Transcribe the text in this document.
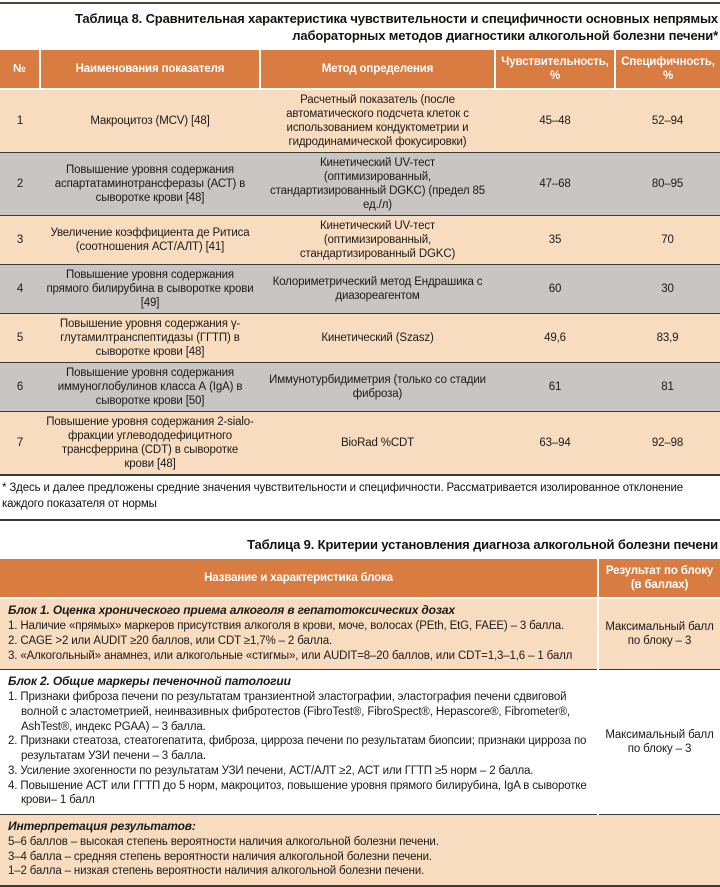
Таблица 8. Сравнительная характеристика чувствительности и специфичности основных непрямых лабораторных методов диагностики алкогольной болезни печени*
№	Наименования показателя	Метод определения	Чувствительность, %	Специфичность, %
1	Макроцитоз (MCV) [48]	Расчетный показатель (после автоматического подсчета клеток с использованием кондуктометрии и гидродинамической фокусировки)	45–48	52–94
2	Повышение уровня содержания аспартатаминотрансферазы (АСТ) в сыворотке крови [48]	Кинетический UV-тест (оптимизированный, стандартизированный DGKC) (предел 85 ед./л)	47–68	80–95
3	Увеличение коэффициента де Ритиса (соотношения АСТ/АЛТ) [41]	Кинетический UV-тест (оптимизированный, стандартизированный DGKC)	35	70
4	Повышение уровня содержания прямого билирубина в сыворотке крови [49]	Колориметрический метод Ендрашика с диазореагентом	60	30
5	Повышение уровня содержания γ-глутамилтранспептидазы (ГГТП) в сыворотке крови [48]	Кинетический (Szasz)	49,6	83,9
6	Повышение уровня содержания иммуноглобулинов класса А (IgA) в сыворотке крови [50]	Иммунотурбидиметрия (только со стадии фиброза)	61	81
7	Повышение уровня содержания 2-sialo-фракции углевододефицитного трансферрина (CDT) в сыворотке крови [48]	BioRad %CDT	63–94	92–98
* Здесь и далее предложены средние значения чувствительности и специфичности. Рассматривается изолированное отклонение каждого показателя от нормы
Таблица 9. Критерии установления диагноза алкогольной болезни печени
Название и характеристика блока	Результат по блоку (в баллах)

Блок 1. Оценка хронического приема алкоголя в гепатотоксических дозах
1. Наличие «прямых» маркеров присутствия алкоголя в крови, моче, волосах (PEth, EtG, FAEE) – 3 балла.
2. CAGE >2 или AUDIT ≥20 баллов, или CDT ≥1,7% – 2 балла.
3. «Алкогольный» анамнез, или алкогольные «стигмы», или AUDIT=8–20 баллов, или CDT=1,3–1,6 – 1 балл	Максимальный балл по блоку – 3

Блок 2. Общие маркеры печеночной патологии
1. Признаки фиброза печени по результатам транзиентной эластографии, эластография печени сдвиговой волной с эластометрией, неинвазивных фибротестов (FibroTest®, FibroSpect®, Hepascore®, Fibrometer®, AshTest®, индекс PGAA) – 3 балла.
2. Признаки стеатоза, стеатогепатита, фиброза, цирроза печени по результатам биопсии; признаки цирроза по результатам УЗИ печени – 3 балла.
3. Усиление эхогенности по результатам УЗИ печени, АСТ/АЛТ ≥2, АСТ или ГГТП ≥5 норм – 2 балла.
4. Повышение АСТ или ГГТП до 5 норм, макроцитоз, повышение уровня прямого билирубина, IgA в сыворотке крови– 1 балл	Максимальный балл по блоку – 3

Интерпретация результатов:
5–6 баллов – высокая степень вероятности наличия алкогольной болезни печени.
3–4 балла – средняя степень вероятности наличия алкогольной болезни печени.
1–2 балла – низкая степень вероятности наличия алкогольной болезни печени.	
